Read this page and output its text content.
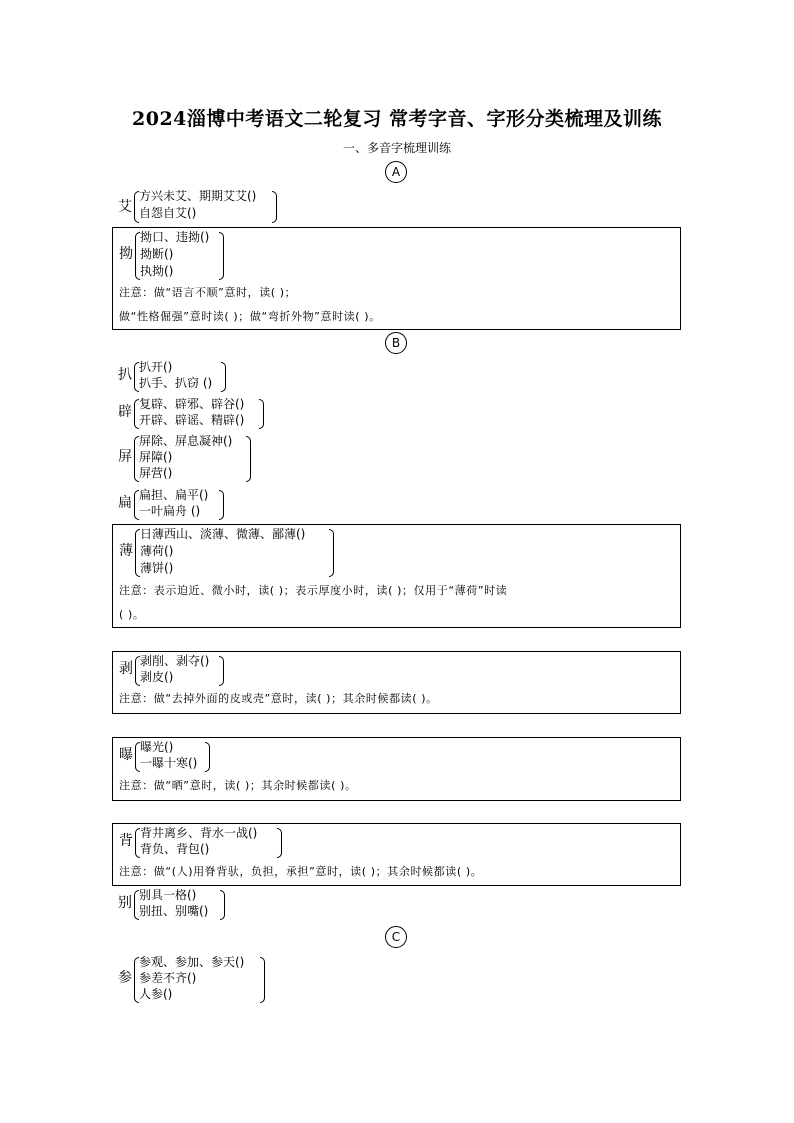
2024淄博中考语文二轮复习 常考字音、字形分类梳理及训练
一、多音字梳理训练
A
艾
方兴未艾、期期艾艾()
自怨自艾()
拗
拗口、违拗()
拗断()
执拗()
注意：做“语言不顺”意时，读( )；
做“性格倔强”意时读( )；做“弯折外物”意时读( )。
B
扒 扒开()
扒手、扒窃 ()
辟 复辟、辟邪、辟谷()
开辟、辟谣、精辟()
屏
屏除、屏息凝神()
屏障()
屏营()
扁 扁担、扁平()
一叶扁舟 ()
薄
日薄西山、淡薄、微薄、鄙薄()
薄荷()
薄饼()
注意：表示迫近、微小时，读( )；表示厚度小时，读( )；仅用于“薄荷”时读
( )。
剥 剥削、剥夺()
剥皮()
注意：做“去掉外面的皮或壳”意时，读( )；其余时候都读( )。
曝 曝光()
一曝十寒()
注意：做“晒”意时，读( )；其余时候都读( )。
背 背井离乡、背水一战()
背负、背包()
注意：做“(人)用脊背驮，负担，承担”意时，读( )；其余时候都读( )。
别 别具一格()
别扭、别嘴()
C
参
参观、参加、参天()
参差不齐()
人参()
